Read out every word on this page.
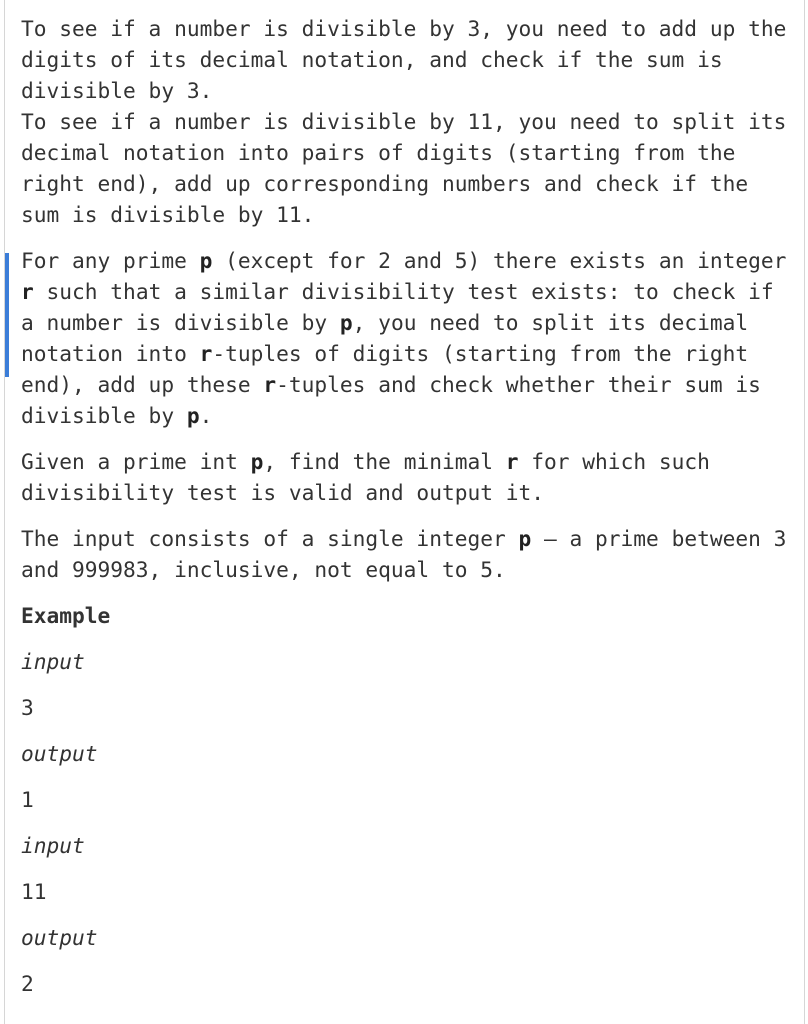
To see if a number is divisible by 3, you need to add up the digits of its decimal notation, and check if the sum is divisible by 3.
To see if a number is divisible by 11, you need to split its decimal notation into pairs of digits (starting from the right end), add up corresponding numbers and check if the sum is divisible by 11.
For any prime p (except for 2 and 5) there exists an integer r such that a similar divisibility test exists: to check if a number is divisible by p, you need to split its decimal notation into r-tuples of digits (starting from the right end), add up these r-tuples and check whether their sum is divisible by p.
Given a prime int p, find the minimal r for which such divisibility test is valid and output it.
The input consists of a single integer p – a prime between 3 and 999983, inclusive, not equal to 5.
Example
input
3
output
1
input
11
output
2
